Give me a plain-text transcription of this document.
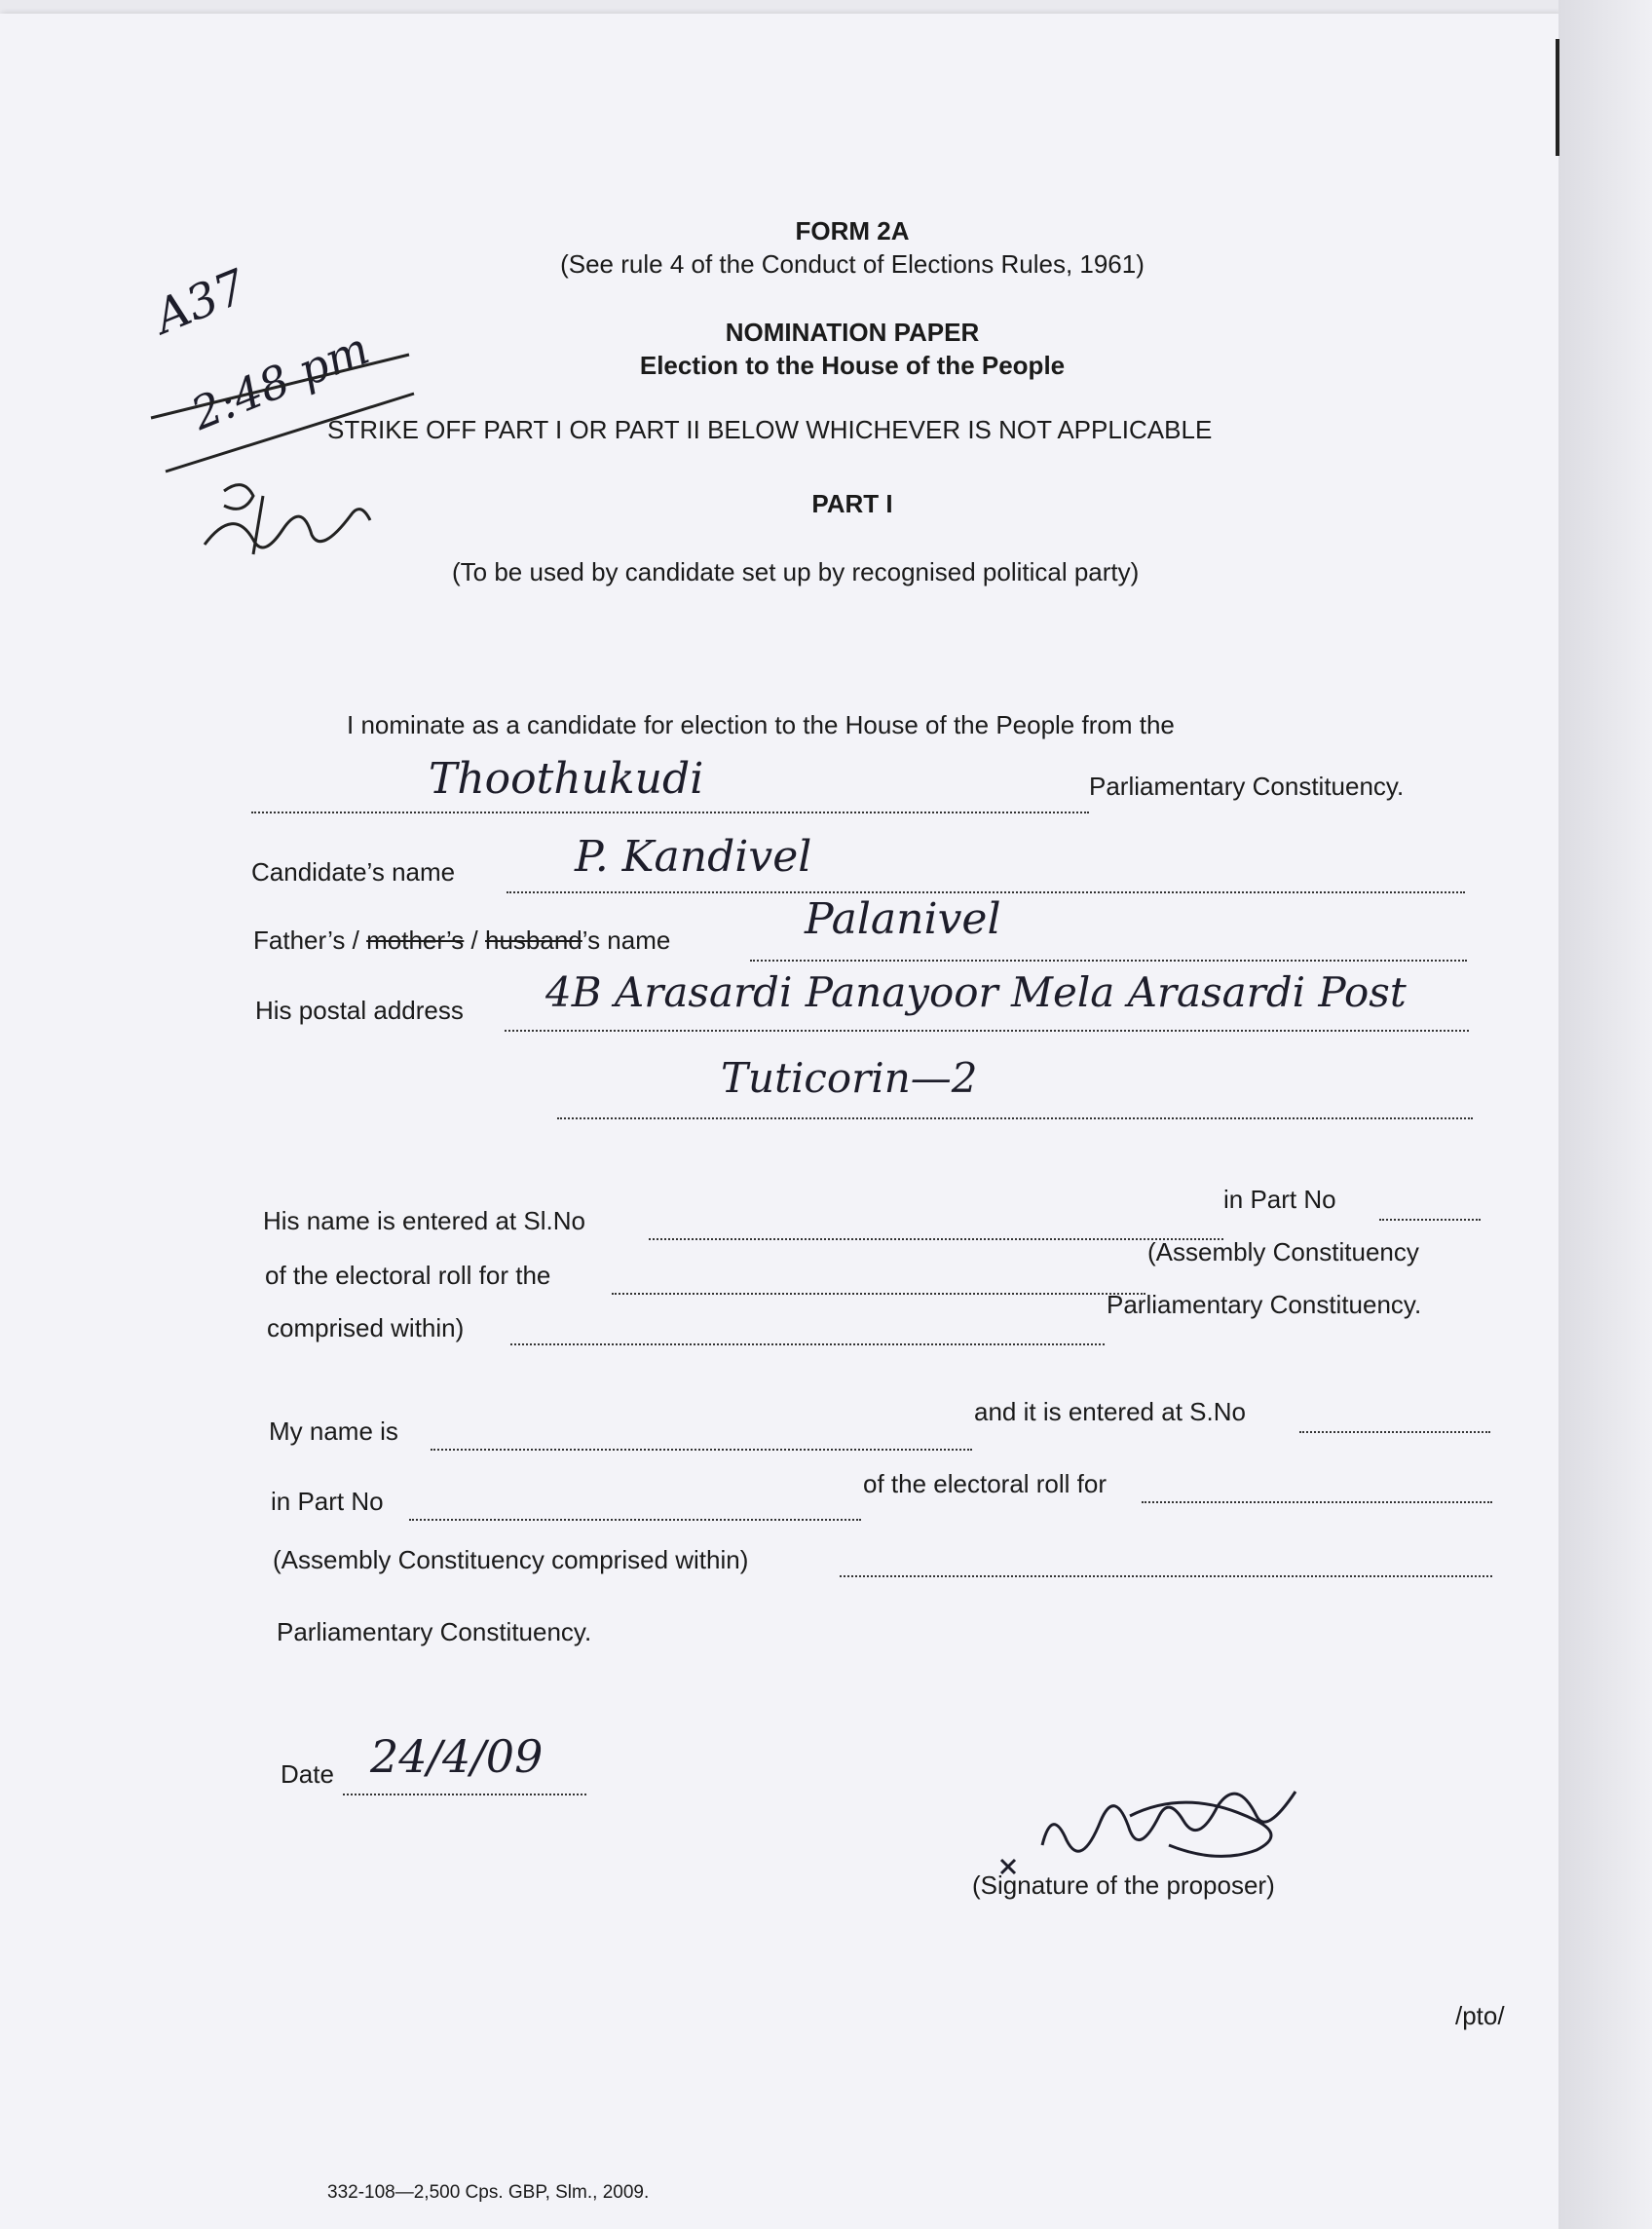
FORM 2A
(See rule 4 of the Conduct of Elections Rules, 1961)
NOMINATION PAPER
Election to the House of the People
STRIKE OFF PART I OR PART II BELOW WHICHEVER IS NOT APPLICABLE
PART I
(To be used by candidate set up by recognised political party)
A37
2:48 pm
I nominate as a candidate for election to the House of the People from the
Parliamentary Constituency.
Thoothukudi
Candidate’s name	P. Kandivel
Father’s / mother’s / husband’s name	Palanivel
His postal address 4B Arasardi Panayoor Mela Arasardi Post
Tuticorin—2
His name is entered at Sl.No
in Part No
of the electoral roll for the
(Assembly Constituency
comprised within)
Parliamentary Constituency.
My name is
and it is entered at S.No
in Part No
of the electoral roll for
(Assembly Constituency comprised within)
Parliamentary Constituency.
Date 24/4/09
(Signature of the proposer)
/pto/
332-108—2,500 Cps. GBP, Slm., 2009.
